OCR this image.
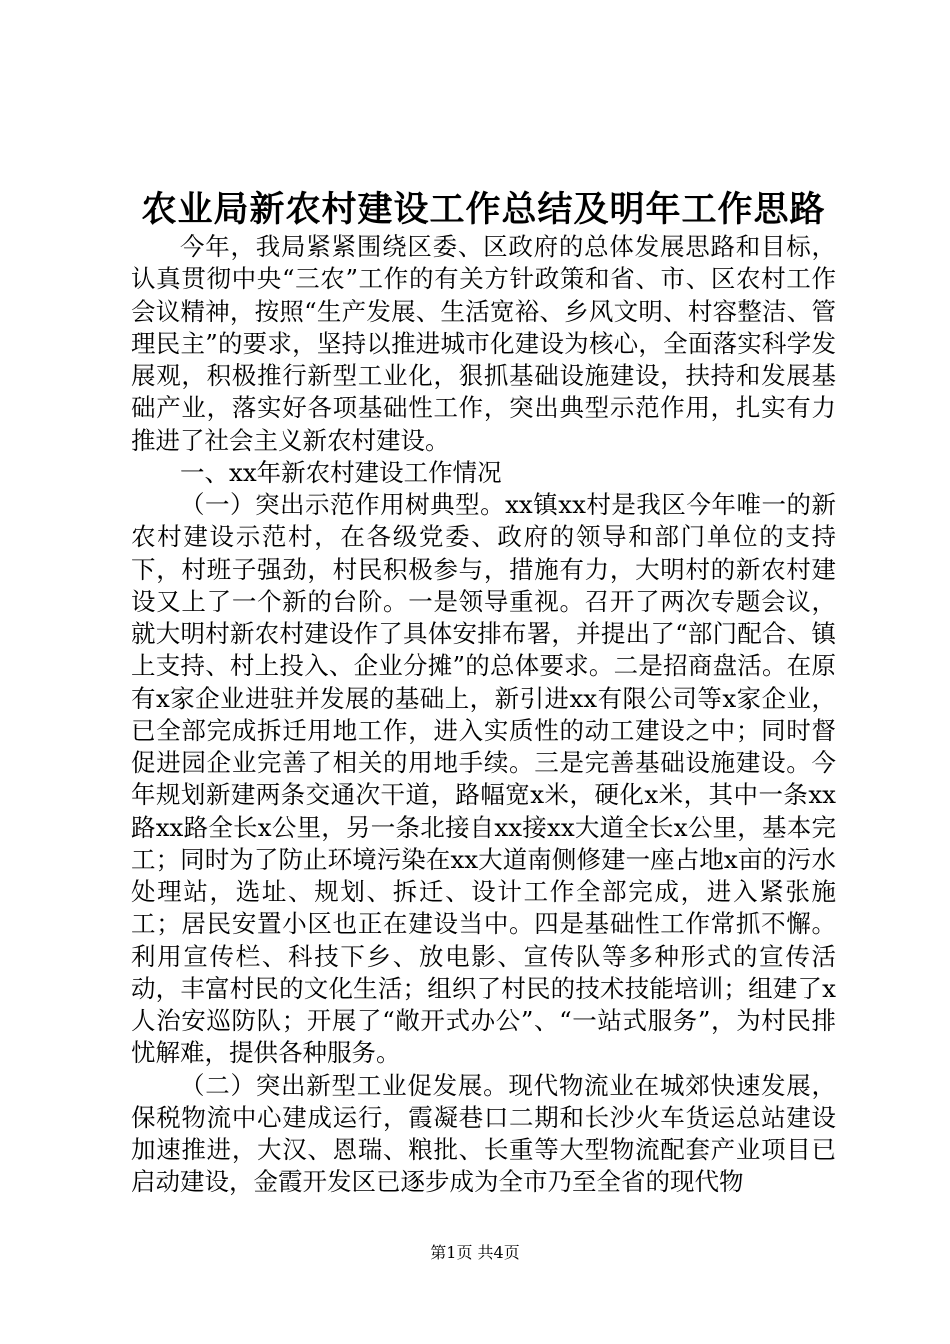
农业局新农村建设工作总结及明年工作思路

今年，我局紧紧围绕区委、区政府的总体发展思路和目标，认真贯彻中央“三农”工作的有关方针政策和省、市、区农村工作会议精神，按照“生产发展、生活宽裕、乡风文明、村容整洁、管理民主”的要求，坚持以推进城市化建设为核心，全面落实科学发展观，积极推行新型工业化，狠抓基础设施建设，扶持和发展基础产业，落实好各项基础性工作，突出典型示范作用，扎实有力推进了社会主义新农村建设。

一、xx年新农村建设工作情况

（一）突出示范作用树典型。xx镇xx村是我区今年唯一的新农村建设示范村，在各级党委、政府的领导和部门单位的支持下，村班子强劲，村民积极参与，措施有力，大明村的新农村建设又上了一个新的台阶。一是领导重视。召开了两次专题会议，就大明村新农村建设作了具体安排布署，并提出了“部门配合、镇上支持、村上投入、企业分摊”的总体要求。二是招商盘活。在原有x家企业进驻并发展的基础上，新引进xx有限公司等x家企业，已全部完成拆迁用地工作，进入实质性的动工建设之中；同时督促进园企业完善了相关的用地手续。三是完善基础设施建设。今年规划新建两条交通次干道，路幅宽x米，硬化x米，其中一条xx路xx路全长x公里，另一条北接自xx接xx大道全长x公里，基本完工；同时为了防止环境污染在xx大道南侧修建一座占地x亩的污水处理站，选址、规划、拆迁、设计工作全部完成，进入紧张施工；居民安置小区也正在建设当中。四是基础性工作常抓不懈。利用宣传栏、科技下乡、放电影、宣传队等多种形式的宣传活动，丰富村民的文化生活；组织了村民的技术技能培训；组建了x人治安巡防队；开展了“敞开式办公”、“一站式服务”，为村民排忧解难，提供各种服务。

（二）突出新型工业促发展。现代物流业在城郊快速发展，保税物流中心建成运行，霞凝巷口二期和长沙火车货运总站建设加速推进，大汉、恩瑞、粮批、长重等大型物流配套产业项目已启动建设，金霞开发区已逐步成为全市乃至全省的现代物

第1页 共4页
